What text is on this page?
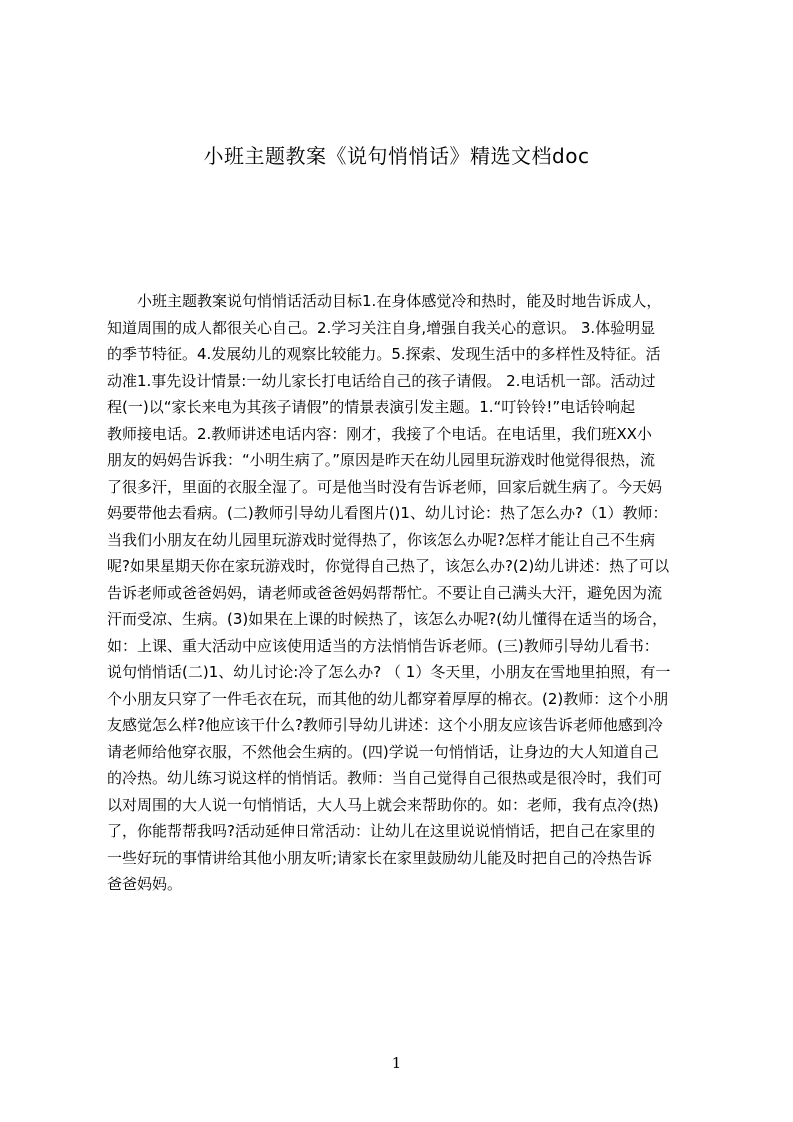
小班主题教案《说句悄悄话》精选文档doc
　　小班主题教案说句悄悄话活动目标1.在身体感觉冷和热时，能及时地告诉成人，
知道周围的成人都很关心自己。2.学习关注自身,增强自我关心的意识。 3.体验明显
的季节特征。4.发展幼儿的观察比较能力。5.探索、发现生活中的多样性及特征。活
动准1.事先设计情景:一幼儿家长打电话给自己的孩子请假。 2.电话机一部。活动过
程(一)以“家长来电为其孩子请假”的情景表演引发主题。1.“叮铃铃!”电话铃响起
教师接电话。2.教师讲述电话内容：刚才，我接了个电话。在电话里，我们班XX小
朋友的妈妈告诉我：“小明生病了。”原因是昨天在幼儿园里玩游戏时他觉得很热，流
了很多汗，里面的衣服全湿了。可是他当时没有告诉老师，回家后就生病了。今天妈
妈要带他去看病。(二)教师引导幼儿看图片()1、幼儿讨论：热了怎么办?（1）教师：
当我们小朋友在幼儿园里玩游戏时觉得热了，你该怎么办呢?怎样才能让自己不生病
呢?如果星期天你在家玩游戏时，你觉得自己热了，该怎么办?(2)幼儿讲述：热了可以
告诉老师或爸爸妈妈，请老师或爸爸妈妈帮帮忙。不要让自己满头大汗，避免因为流
汗而受凉、生病。(3)如果在上课的时候热了，该怎么办呢?(幼儿懂得在适当的场合，
如：上课、重大活动中应该使用适当的方法悄悄告诉老师。(三)教师引导幼儿看书：
说句悄悄话(二)1、幼儿讨论:冷了怎么办? （ 1）冬天里，小朋友在雪地里拍照，有一
个小朋友只穿了一件毛衣在玩，而其他的幼儿都穿着厚厚的棉衣。(2)教师：这个小朋
友感觉怎么样?他应该干什么?教师引导幼儿讲述：这个小朋友应该告诉老师他感到冷
请老师给他穿衣服，不然他会生病的。(四)学说一句悄悄话，让身边的大人知道自己
的冷热。幼儿练习说这样的悄悄话。教师：当自己觉得自己很热或是很冷时，我们可
以对周围的大人说一句悄悄话，大人马上就会来帮助你的。如：老师，我有点冷(热)
了，你能帮帮我吗?活动延伸日常活动：让幼儿在这里说说悄悄话，把自己在家里的
一些好玩的事情讲给其他小朋友听;请家长在家里鼓励幼儿能及时把自己的冷热告诉
爸爸妈妈。
1
